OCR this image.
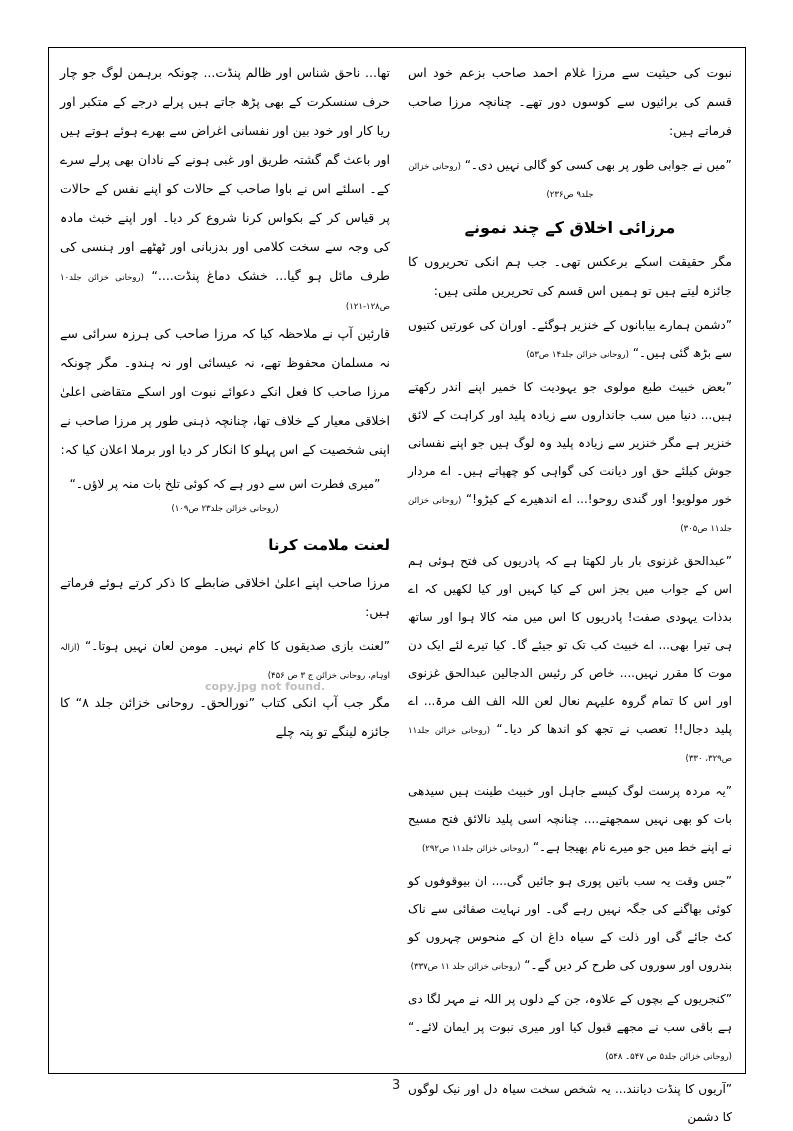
نبوت کی حیثیت سے مرزا غلام احمد صاحب بزعم خود اس قسم کی برائیوں سے کوسوں دور تھے۔ چنانچہ مرزا صاحب فرماتے ہیں:

”میں نے جوابی طور پر بھی کسی کو گالی نہیں دی۔“ (روحانی خزائن جلد۹ ص۲۳۶)

مرزائی اخلاق کے چند نمونے

مگر حقیقت اسکے برعکس تھی۔ جب ہم انکی تحریروں کا جائزہ لیتے ہیں تو ہمیں اس قسم کی تحریریں ملتی ہیں:

”دشمن ہمارے بیابانوں کے خنزیر ہوگئے۔ اوران کی عورتیں کتیوں سے بڑھ گئی ہیں۔“ (روحانی خزائن جلد۱۴ ص۵۳)

”بعض خبیث طبع مولوی جو یہودیت کا خمیر اپنے اندر رکھتے ہیں... دنیا میں سب جانداروں سے زیادہ پلید اور کراہت کے لائق خنزیر ہے مگر خنزیر سے زیادہ پلید وہ لوگ ہیں جو اپنے نفسانی جوش کیلئے حق اور دیانت کی گواہی کو چھپاتے ہیں۔ اے مردار خور مولویو! اور گندی روحو!... اے اندھیرے کے کیڑو!“ (روحانی خزائن جلد۱۱ ص۳۰۵)

”عبدالحق غزنوی بار بار لکھتا ہے کہ پادریوں کی فتح ہوئی ہم اس کے جواب میں بجز اس کے کیا کہیں اور کیا لکھیں کہ اے بدذات یہودی صفت! پادریوں کا اس میں منہ کالا ہوا اور ساتھ ہی تیرا بھی... اے خبیث کب تک تو جیئے گا۔ کیا تیرے لئے ایک دن موت کا مقرر نہیں.... خاص کر رئیس الدجالین عبدالحق غزنوی اور اس کا تمام گروہ علیہم نعال لعن اللہ الف الف مرۃ... اے پلید دجال!! تعصب نے تجھ کو اندھا کر دیا۔“ (روحانی خزائن جلد۱۱ ص۳۲۹، ۳۳۰)

”یہ مردہ پرست لوگ کیسے جاہل اور خبیث طینت ہیں سیدھی بات کو بھی نہیں سمجھتے.... چنانچہ اسی پلید نالائق فتح مسیح نے اپنے خط میں جو میرے نام بھیجا ہے۔“ (روحانی خزائن جلد۱۱ ص۲۹۲)

”جس وقت یہ سب باتیں پوری ہو جائیں گی.... ان بیوقوفوں کو کوئی بھاگنے کی جگہ نہیں رہے گی۔ اور نہایت صفائی سے ناک کٹ جائے گی اور ذلت کے سیاہ داغ ان کے منحوس چہروں کو بندروں اور سوروں کی طرح کر دیں گے۔“ (روحانی خزائن جلد ۱۱ ص۳۳۷)

”کنجریوں کے بچوں کے علاوہ، جن کے دلوں پر اللہ نے مہر لگا دی ہے باقی سب نے مجھے قبول کیا اور میری نبوت پر ایمان لائے۔“ (روحانی خزائن جلد۵ ص ۵۴۷۔ ۵۴۸)

”آریوں کا پنڈت دیانند... یہ شخص سخت سیاہ دل اور نیک لوگوں کا دشمن

تھا... ناحق شناس اور ظالم پنڈت... چونکہ برہمن لوگ جو چار حرف سنسکرت کے بھی پڑھ جاتے ہیں پرلے درجے کے متکبر اور ریا کار اور خود بین اور نفسانی اغراض سے بھرے ہوئے ہوتے ہیں اور باعث گم گشتہ طریق اور غبی ہونے کے نادان بھی پرلے سرے کے۔ اسلئے اس نے باوا صاحب کے حالات کو اپنے نفس کے حالات پر قیاس کر کے بکواس کرنا شروع کر دیا۔ اور اپنے خبث مادہ کی وجہ سے سخت کلامی اور بدزبانی اور ٹھٹھے اور ہنسی کی طرف مائل ہو گیا... خشک دماغ پنڈت....“ (روحانی خزائن جلد۱۰ ص۱۲۸-۱۲۱)

قارئین آپ نے ملاحظہ کیا کہ مرزا صاحب کی ہرزہ سرائی سے نہ مسلمان محفوظ تھے، نہ عیسائی اور نہ ہندو۔ مگر چونکہ مرزا صاحب کا فعل انکے دعوائے نبوت اور اسکے متقاضی اعلیٰ اخلاقی معیار کے خلاف تھا، چنانچہ ذہنی طور پر مرزا صاحب نے اپنی شخصیت کے اس پہلو کا انکار کر دیا اور برملا اعلان کیا کہ:

”میری فطرت اس سے دور ہے کہ کوئی تلخ بات منہ پر لاؤں۔“

(روحانی خزائن جلد۲۳ ص۱۰۹)

لعنت ملامت کرنا

مرزا صاحب اپنے اعلیٰ اخلاقی ضابطے کا ذکر کرتے ہوئے فرماتے ہیں:

”لعنت بازی صدیقوں کا کام نہیں۔ مومن لعان نہیں ہوتا۔“ (ازالہ اوہام، روحانی خزائن ج ۳ ص ۴۵۶)

مگر جب آپ انکی کتاب ”نورالحق۔ روحانی خزائن جلد ۸“ کا جائزہ لینگے تو پتہ چلے

copy.jpg not found.
3
